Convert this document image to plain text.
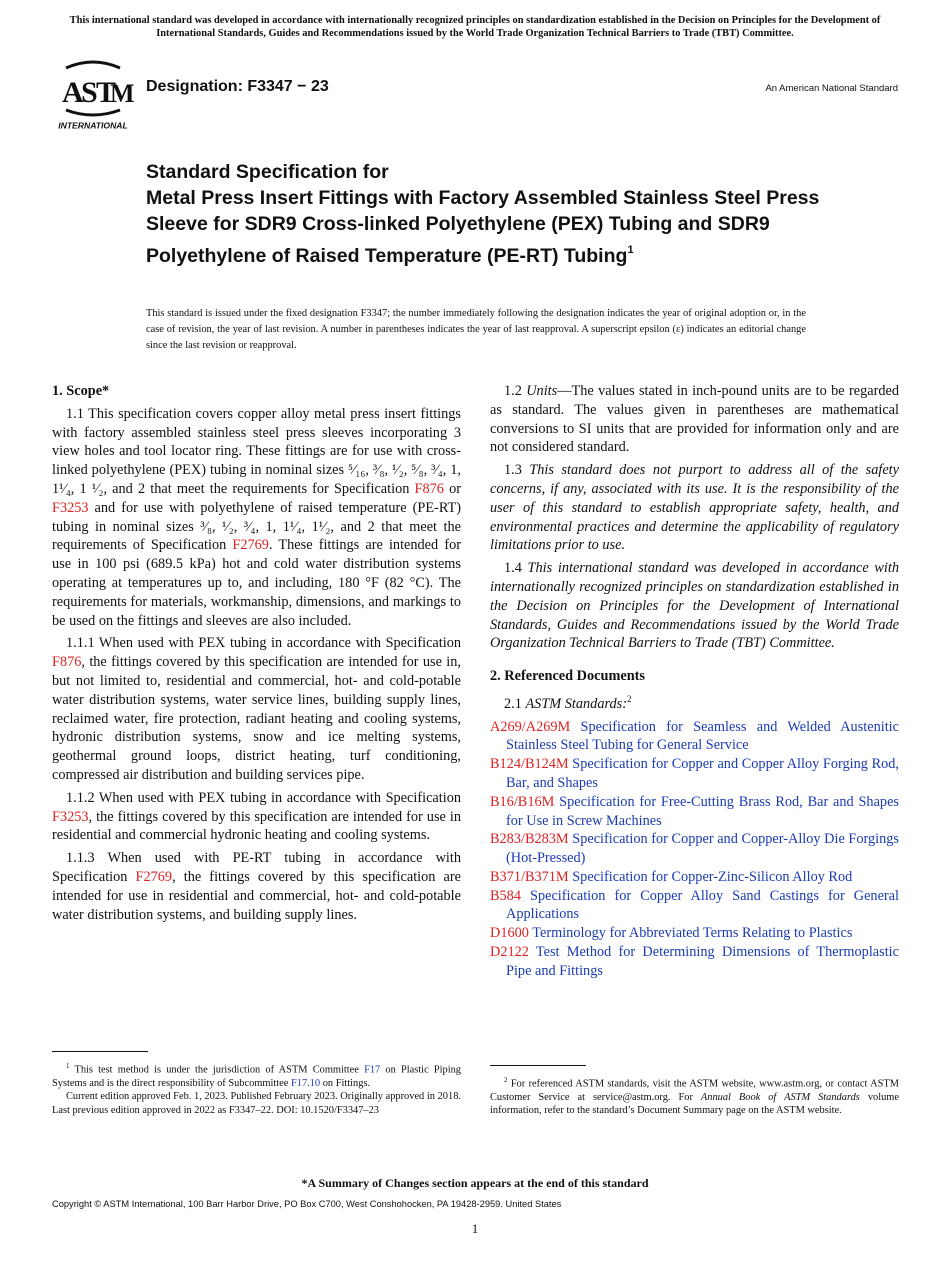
This international standard was developed in accordance with internationally recognized principles on standardization established in the Decision on Principles for the Development of International Standards, Guides and Recommendations issued by the World Trade Organization Technical Barriers to Trade (TBT) Committee.
A S T
M
INTERNATIONAL
Designation: F3347 − 23	An American National Standard
Standard Specification for
Metal Press Insert Fittings with Factory Assembled Stainless Steel Press Sleeve for SDR9 Cross-linked Polyethylene (PEX) Tubing and SDR9 Polyethylene of Raised Temperature (PE-RT) Tubing$^1$

This standard is issued under the fixed designation F3347; the number immediately following the designation indicates the year of original adoption or, in the case of revision, the year of last revision. A number in parentheses indicates the year of last reapproval. A superscript epsilon (ε) indicates an editorial change since the last revision or reapproval.

1. Scope*

1.1 This specification covers copper alloy metal press insert fittings with factory assembled stainless steel press sleeves incorporating 3 view holes and tool locator ring. These fittings are for use with cross-linked polyethylene (PEX) tubing in nominal sizes ⁵⁄₁₆, ³⁄₈, ¹⁄₂, ⁵⁄₈, ³⁄₄, 1, 1¹⁄₄, 1 ¹⁄₂, and 2 that meet the requirements for Specification F876 or F3253 and for use with polyethylene of raised temperature (PE-RT) tubing in nominal sizes ³⁄₈, ¹⁄₂, ³⁄₄, 1, 1¹⁄₄, 1¹⁄₂, and 2 that meet the requirements of Specification F2769. These fittings are intended for use in 100 psi (689.5 kPa) hot and cold water distribution systems operating at temperatures up to, and including, 180 °F (82 °C). The requirements for materials, workmanship, dimensions, and markings to be used on the fittings and sleeves are also included.

1.1.1 When used with PEX tubing in accordance with Specification F876, the fittings covered by this specification are intended for use in, but not limited to, residential and commercial, hot- and cold-potable water distribution systems, water service lines, building supply lines, reclaimed water, fire protection, radiant heating and cooling systems, hydronic distribution systems, snow and ice melting systems, geothermal ground loops, district heating, turf conditioning, compressed air distribution and building services pipe.

1.1.2 When used with PEX tubing in accordance with Specification F3253, the fittings covered by this specification are intended for use in residential and commercial hydronic heating and cooling systems.

1.1.3 When used with PE-RT tubing in accordance with Specification F2769, the fittings covered by this specification are intended for use in residential and commercial, hot- and cold-potable water distribution systems, and building supply lines.

1.2 Units—The values stated in inch-pound units are to be regarded as standard. The values given in parentheses are mathematical conversions to SI units that are provided for information only and are not considered standard.

1.3 This standard does not purport to address all of the safety concerns, if any, associated with its use. It is the responsibility of the user of this standard to establish appropriate safety, health, and environmental practices and determine the applicability of regulatory limitations prior to use.

1.4 This international standard was developed in accordance with internationally recognized principles on standardization established in the Decision on Principles for the Development of International Standards, Guides and Recommendations issued by the World Trade Organization Technical Barriers to Trade (TBT) Committee.

2. Referenced Documents

2.1 ASTM Standards:$^2$

A269/A269M Specification for Seamless and Welded Austenitic Stainless Steel Tubing for General Service
B124/B124M Specification for Copper and Copper Alloy Forging Rod, Bar, and Shapes
B16/B16M Specification for Free-Cutting Brass Rod, Bar and Shapes for Use in Screw Machines
B283/B283M Specification for Copper and Copper-Alloy Die Forgings (Hot-Pressed)
B371/B371M Specification for Copper-Zinc-Silicon Alloy Rod
B584 Specification for Copper Alloy Sand Castings for General Applications
D1600 Terminology for Abbreviated Terms Relating to Plastics
D2122 Test Method for Determining Dimensions of Thermoplastic Pipe and Fittings

$^1$ This test method is under the jurisdiction of ASTM Committee F17 on Plastic Piping Systems and is the direct responsibility of Subcommittee F17.10 on Fittings.

Current edition approved Feb. 1, 2023. Published February 2023. Originally approved in 2018. Last previous edition approved in 2022 as F3347–22. DOI: 10.1520/F3347–23

$^2$ For referenced ASTM standards, visit the ASTM website, www.astm.org, or contact ASTM Customer Service at service@astm.org. For Annual Book of ASTM Standards volume information, refer to the standard’s Document Summary page on the ASTM website.

*A Summary of Changes section appears at the end of this standard
Copyright © ASTM International, 100 Barr Harbor Drive, PO Box C700, West Conshohocken, PA 19428-2959. United States
1
